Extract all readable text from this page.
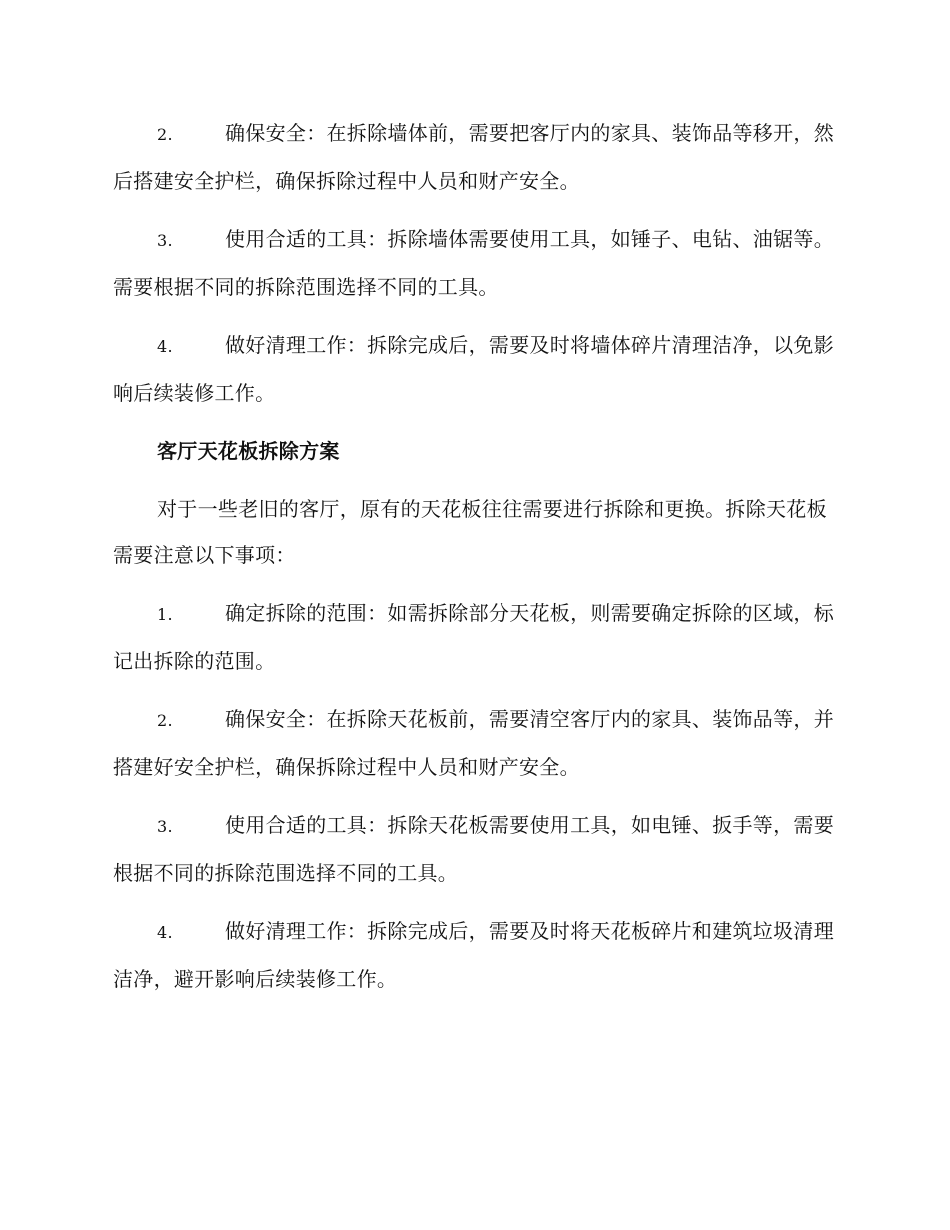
2.	确保安全：在拆除墙体前，需要把客厅内的家具、装饰品等移开，然后搭建安全护栏，确保拆除过程中人员和财产安全。
3.	使用合适的工具：拆除墙体需要使用工具，如锤子、电钻、油锯等。需要根据不同的拆除范围选择不同的工具。
4.	做好清理工作：拆除完成后，需要及时将墙体碎片清理洁净，以免影响后续装修工作。
客厅天花板拆除方案

对于一些老旧的客厅，原有的天花板往往需要进行拆除和更换。拆除天花板需要注意以下事项：

1.	确定拆除的范围：如需拆除部分天花板，则需要确定拆除的区域，标记出拆除的范围。
2.	确保安全：在拆除天花板前，需要清空客厅内的家具、装饰品等，并搭建好安全护栏，确保拆除过程中人员和财产安全。
3.	使用合适的工具：拆除天花板需要使用工具，如电锤、扳手等，需要根据不同的拆除范围选择不同的工具。
4.	做好清理工作：拆除完成后，需要及时将天花板碎片和建筑垃圾清理洁净，避开影响后续装修工作。
